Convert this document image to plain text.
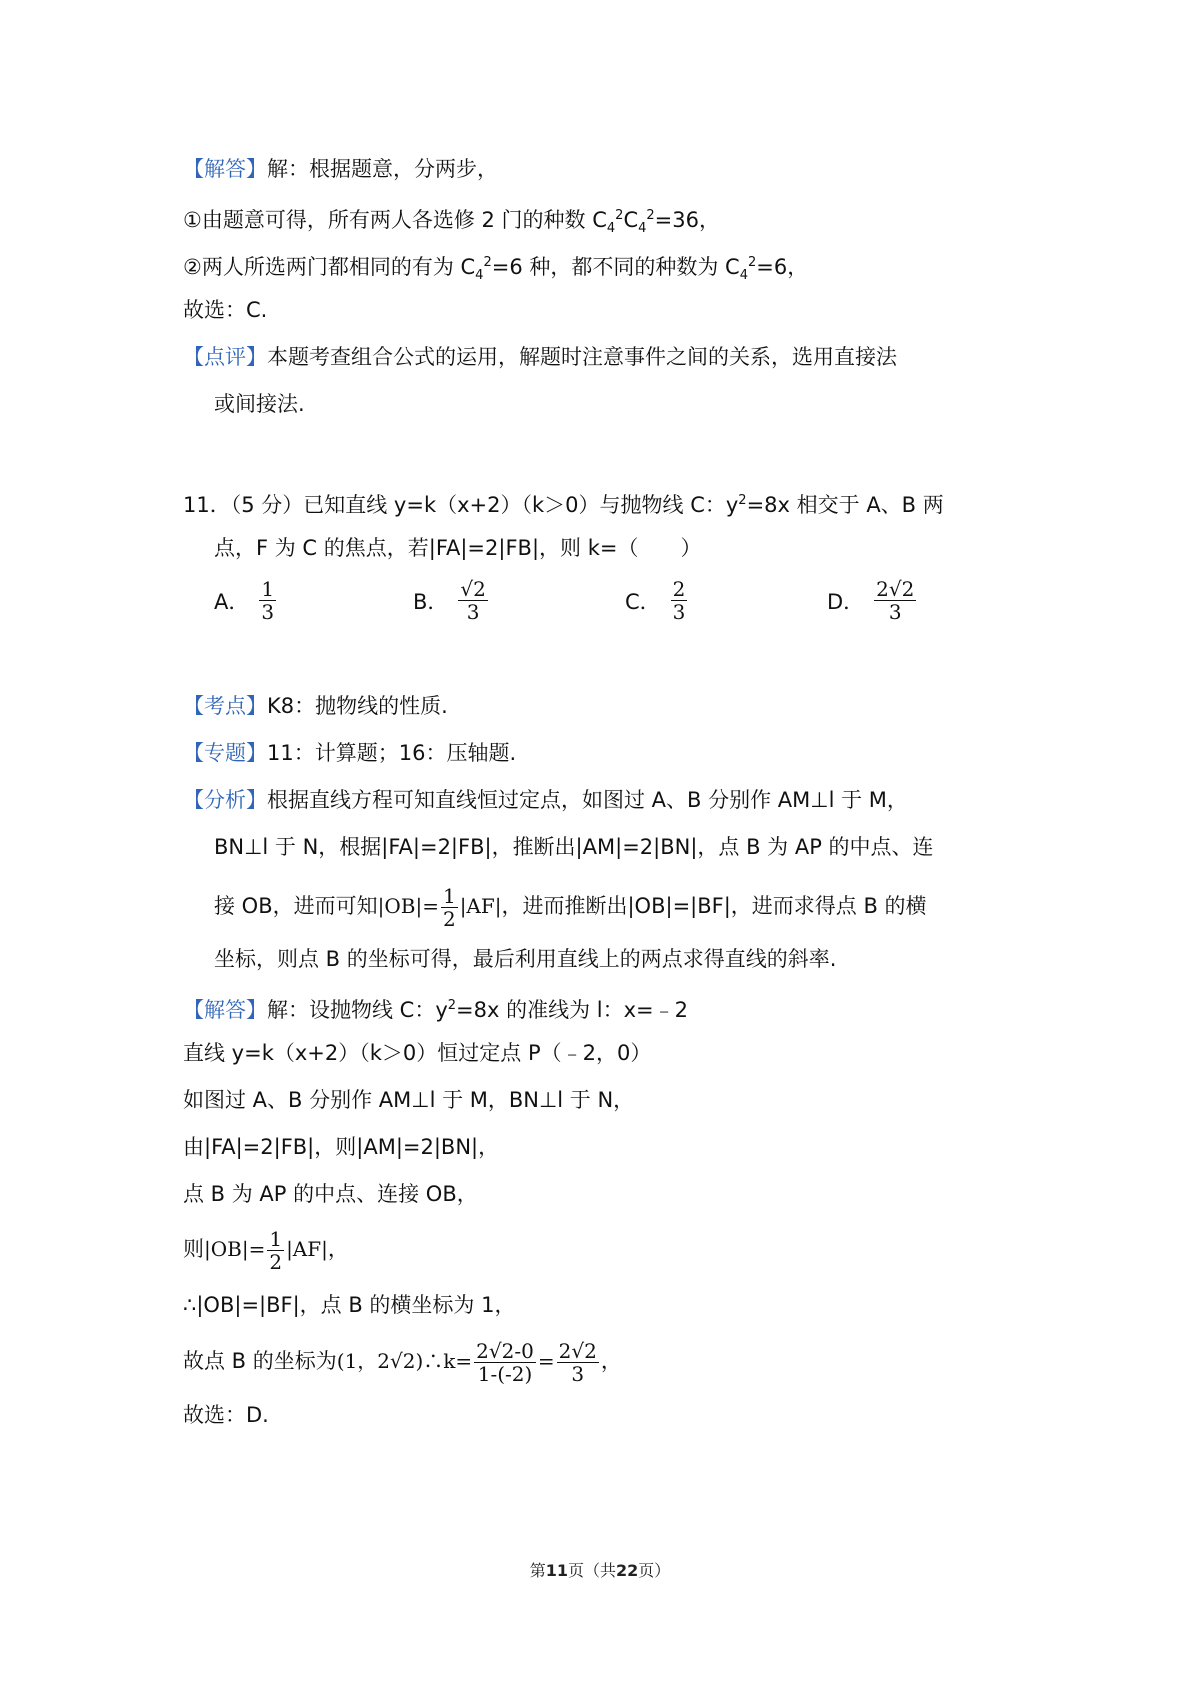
【解答】解：根据题意，分两步，
①由题意可得，所有两人各选修 2 门的种数 $C_4^2C_4^2=36$，
②两人所选两门都相同的有为 $C_4^2=6$ 种，都不同的种数为 $C_4^2=6$，
故选：C.
【点评】本题考查组合公式的运用，解题时注意事件之间的关系，选用直接法
或间接法.
11．（5 分）已知直线 y=k（x+2）（k＞0）与抛物线 C：$y^2=8x$ 相交于 A、B 两
点，F 为 C 的焦点，若|FA|=2|FB|，则 k=（　　）
A． $\frac{1}{3}$	B． $\frac{√2}{3}$	C． $\frac{2}{3}$	D． $\frac{2√2}{3}$
【考点】K8：抛物线的性质.
【专题】11：计算题；16：压轴题.
【分析】根据直线方程可知直线恒过定点，如图过 A、B 分别作 AM⊥l 于 M，
BN⊥l 于 N，根据|FA|=2|FB|，推断出|AM|=2|BN|，点 B 为 AP 的中点、连
接 OB，进而可知$|OB|= \frac{1}{2} |AF|$，进而推断出|OB|=|BF|，进而求得点 B 的横
坐标，则点 B 的坐标可得，最后利用直线上的两点求得直线的斜率.
【解答】解：设抛物线 C：$y^2=8x$ 的准线为 l：x=﹣2
直线 y=k（x+2）（k＞0）恒过定点 P（﹣2，0）
如图过 A、B 分别作 AM⊥l 于 M，BN⊥l 于 N，
由|FA|=2|FB|，则|AM|=2|BN|，
点 B 为 AP 的中点、连接 OB，
则$|OB|= \frac{1}{2} |AF|$，
∴|OB|=|BF|，点 B 的横坐标为 1，
故点 B 的坐标为(1，2√2)∴k= $\frac{2√2-0}{1-(-2)} = \frac{2√2}{3}$ ，
故选：D.
第11页（共22页）
